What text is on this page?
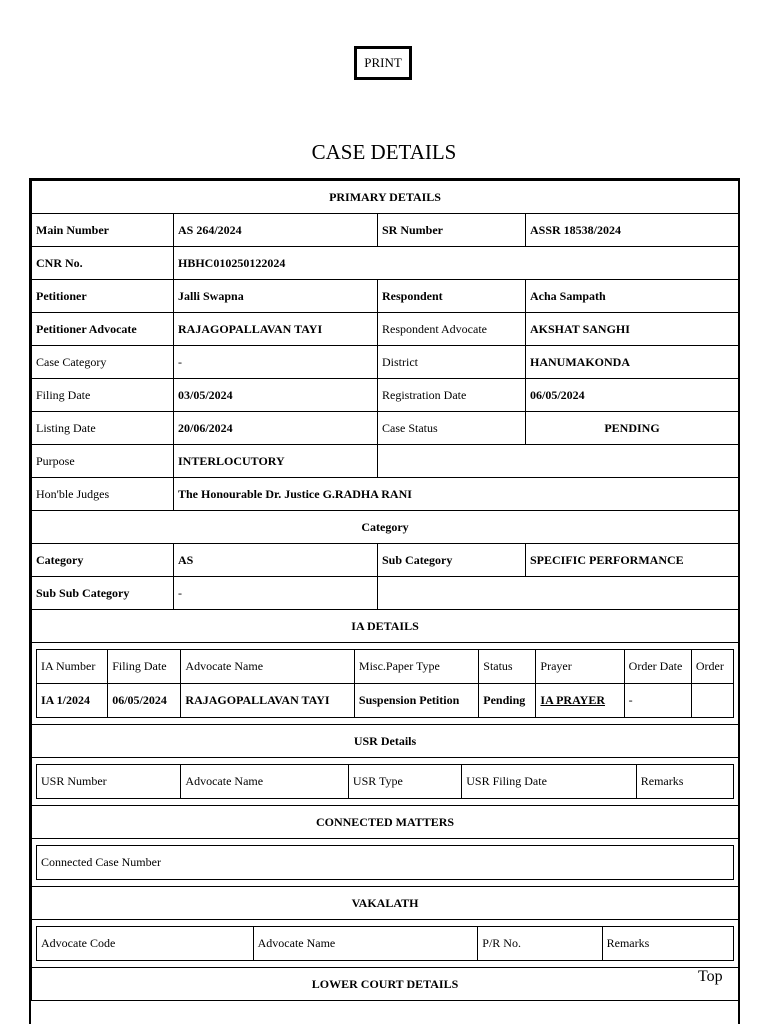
PRINT
CASE DETAILS
PRIMARY DETAILS
Main Number	AS 264/2024	SR Number	ASSR 18538/2024
CNR No.	HBHC010250122024
Petitioner	Jalli Swapna	Respondent	Acha Sampath
Petitioner Advocate	RAJAGOPALLAVAN TAYI	Respondent Advocate	AKSHAT SANGHI
Case Category	-	District	HANUMAKONDA
Filing Date	03/05/2024	Registration Date	06/05/2024
Listing Date	20/06/2024	Case Status	PENDING
Purpose	INTERLOCUTORY	
Hon'ble Judges	The Honourable Dr. Justice G.RADHA RANI
Category
Category	AS	Sub Category	SPECIFIC PERFORMANCE
Sub Sub Category	-	
IA DETAILS

IA Number	Filing Date	Advocate Name	Misc.Paper Type	Status	Prayer	Order Date	Order
IA 1/2024	06/05/2024	RAJAGOPALLAVAN TAYI	Suspension Petition	Pending	IA PRAYER	-	

USR Details

USR Number	Advocate Name	USR Type	USR Filing Date	Remarks

CONNECTED MATTERS

Connected Case Number

VAKALATH

Advocate Code	Advocate Name	P/R No.	Remarks

LOWER COURT DETAILS	Top
